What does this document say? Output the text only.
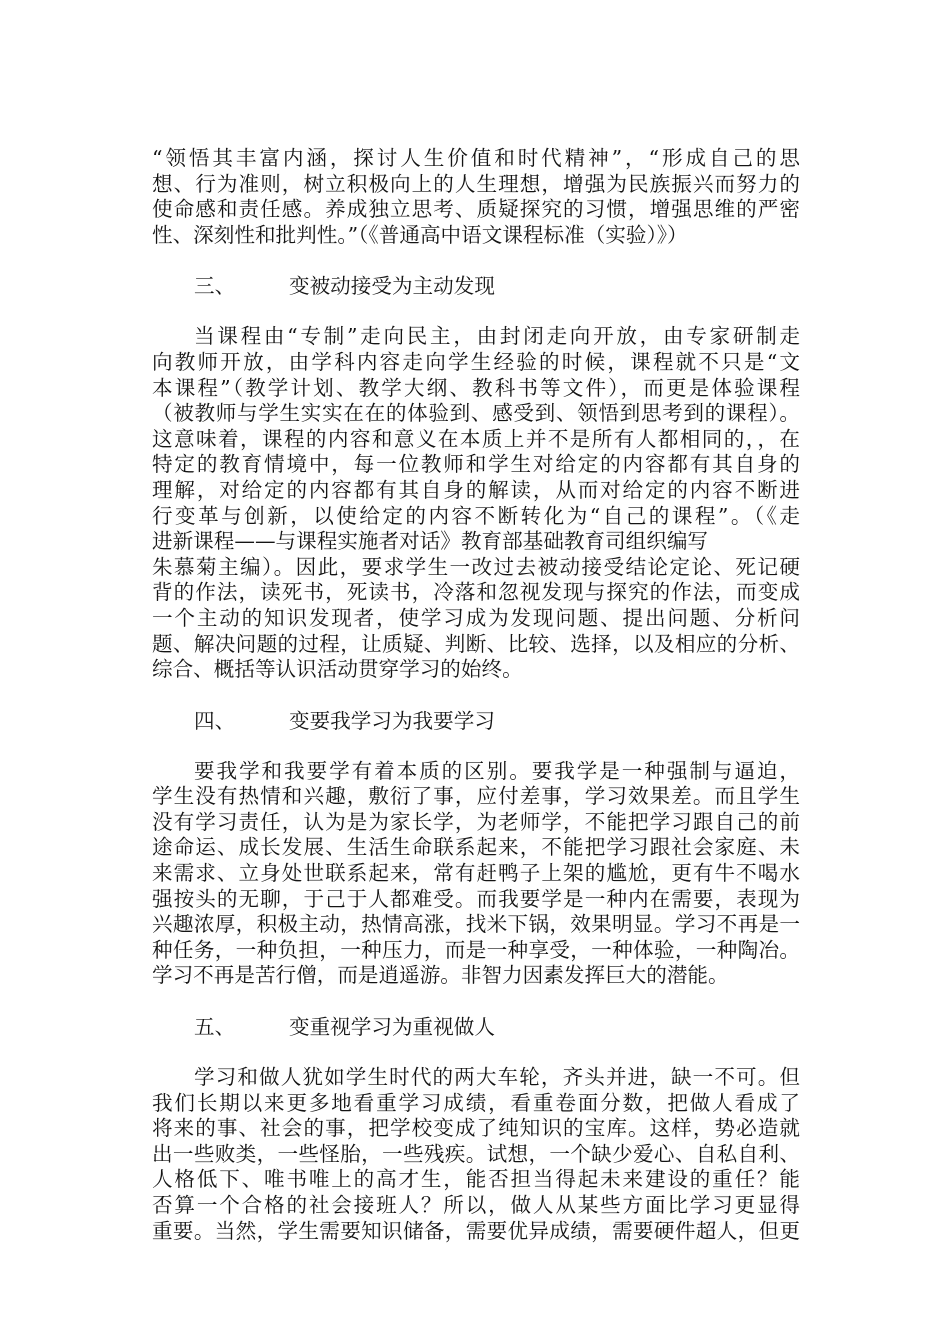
“领悟其丰富内涵，探讨人生价值和时代精神”，“形成自己的思
想、行为准则，树立积极向上的人生理想，增强为民族振兴而努力的
使命感和责任感。养成独立思考、质疑探究的习惯，增强思维的严密
性、深刻性和批判性。”（《普通高中语文课程标准（实验）》）

三、	变被动接受为主动发现

当课程由“专制”走向民主，由封闭走向开放，由专家研制走
向教师开放，由学科内容走向学生经验的时候，课程就不只是“文
本课程”（教学计划、教学大纲、教科书等文件），而更是体验课程
（被教师与学生实实在在的体验到、感受到、领悟到思考到的课程）。
这意味着，课程的内容和意义在本质上并不是所有人都相同的，，在
特定的教育情境中，每一位教师和学生对给定的内容都有其自身的
理解，对给定的内容都有其自身的解读，从而对给定的内容不断进
行变革与创新，以使给定的内容不断转化为“自己的课程”。（《走
进新课程——与课程实施者对话》教育部基础教育司组织编写
朱慕菊主编）。因此，要求学生一改过去被动接受结论定论、死记硬
背的作法，读死书，死读书，冷落和忽视发现与探究的作法，而变成
一个主动的知识发现者，使学习成为发现问题、提出问题、分析问
题、解决问题的过程，让质疑、判断、比较、选择，以及相应的分析、
综合、概括等认识活动贯穿学习的始终。

四、	变要我学习为我要学习

要我学和我要学有着本质的区别。要我学是一种强制与逼迫，
学生没有热情和兴趣，敷衍了事，应付差事，学习效果差。而且学生
没有学习责任，认为是为家长学，为老师学，不能把学习跟自己的前
途命运、成长发展、生活生命联系起来，不能把学习跟社会家庭、未
来需求、立身处世联系起来，常有赶鸭子上架的尴尬，更有牛不喝水
强按头的无聊，于己于人都难受。而我要学是一种内在需要，表现为
兴趣浓厚，积极主动，热情高涨，找米下锅，效果明显。学习不再是一
种任务，一种负担，一种压力，而是一种享受，一种体验，一种陶冶。
学习不再是苦行僧，而是逍遥游。非智力因素发挥巨大的潜能。

五、	变重视学习为重视做人

学习和做人犹如学生时代的两大车轮，齐头并进，缺一不可。但
我们长期以来更多地看重学习成绩，看重卷面分数，把做人看成了
将来的事、社会的事，把学校变成了纯知识的宝库。这样，势必造就
出一些败类，一些怪胎，一些残疾。试想，一个缺少爱心、自私自利、
人格低下、唯书唯上的高才生，能否担当得起未来建设的重任？能
否算一个合格的社会接班人？所以，做人从某些方面比学习更显得
重要。当然，学生需要知识储备，需要优异成绩，需要硬件超人，但更
